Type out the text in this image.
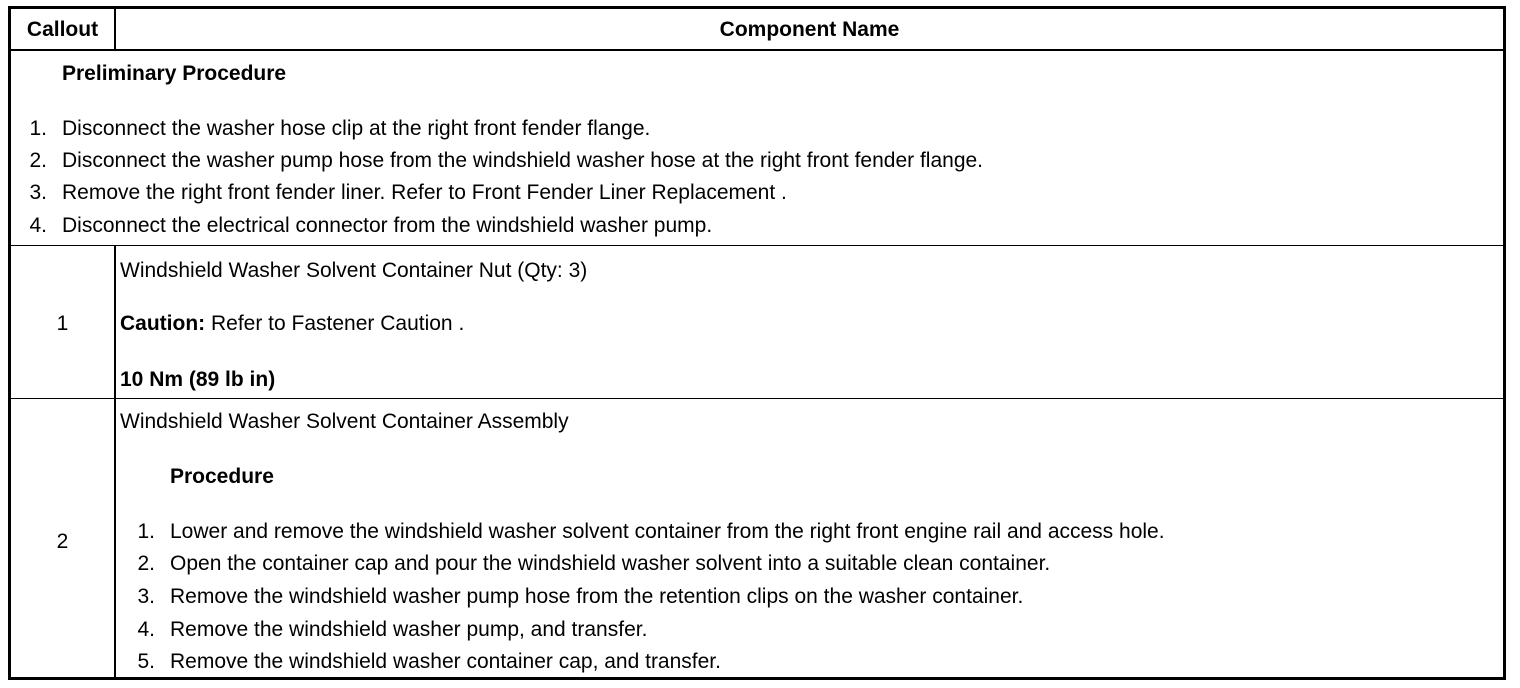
Callout	Component Name
Preliminary Procedure
1. Disconnect the washer hose clip at the right front fender flange.
2. Disconnect the washer pump hose from the windshield washer hose at the right front fender flange.
3. Remove the right front fender liner. Refer to Front Fender Liner Replacement .
4. Disconnect the electrical connector from the windshield washer pump.
1
Windshield Washer Solvent Container Nut (Qty: 3)
Caution: Refer to Fastener Caution .
10 Nm (89 lb in)
2
Windshield Washer Solvent Container Assembly
Procedure
1. Lower and remove the windshield washer solvent container from the right front engine rail and access hole.
2. Open the container cap and pour the windshield washer solvent into a suitable clean container.
3. Remove the windshield washer pump hose from the retention clips on the washer container.
4. Remove the windshield washer pump, and transfer.
5. Remove the windshield washer container cap, and transfer.
